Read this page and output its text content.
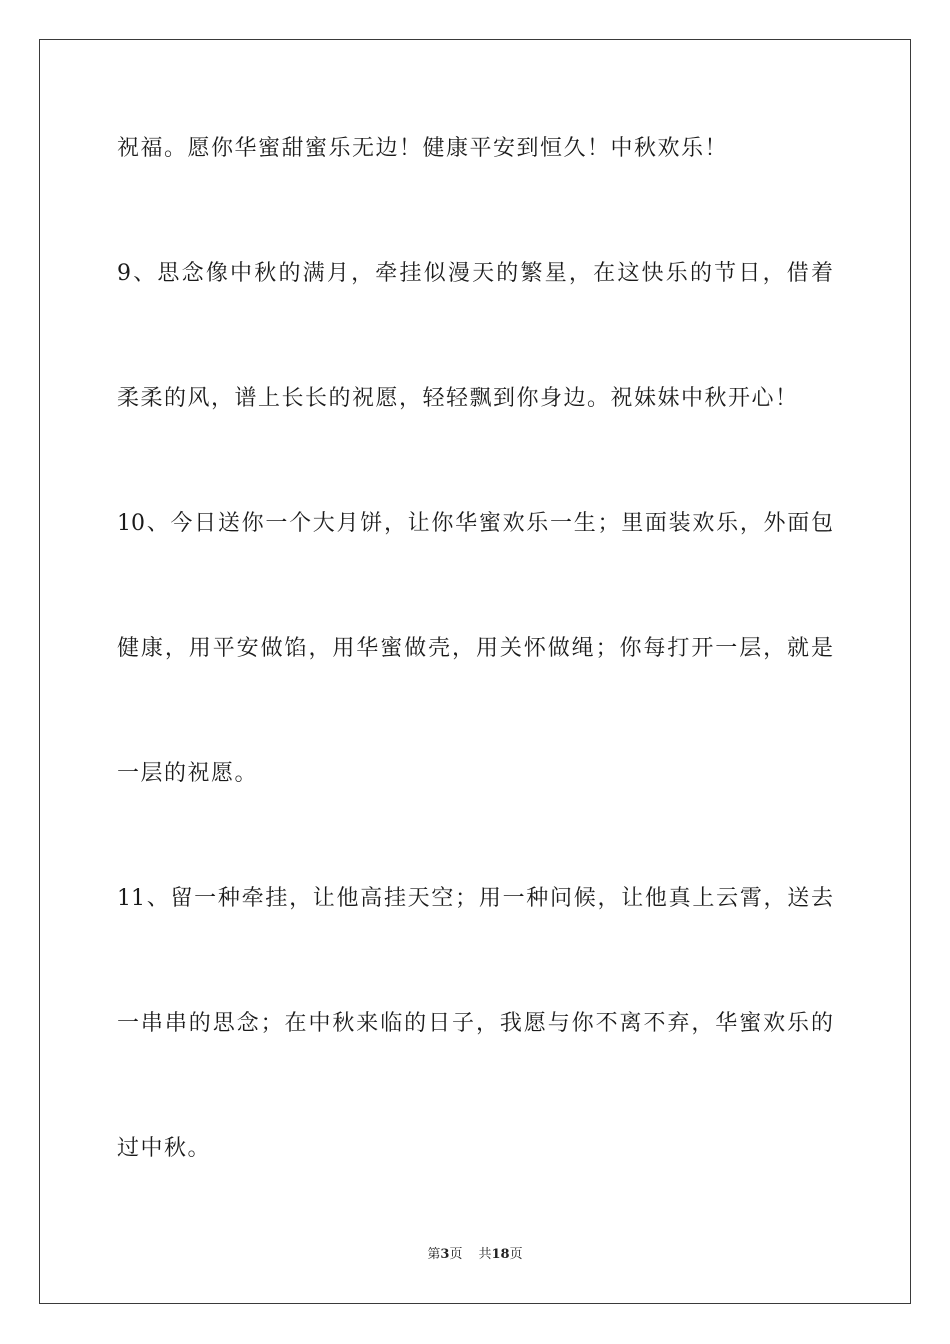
祝福。愿你华蜜甜蜜乐无边！健康平安到恒久！中秋欢乐！
9、思念像中秋的满月，牵挂似漫天的繁星，在这快乐的节日，借着
柔柔的风，谱上长长的祝愿，轻轻飘到你身边。祝妹妹中秋开心！
10、今日送你一个大月饼，让你华蜜欢乐一生；里面装欢乐，外面包
健康，用平安做馅，用华蜜做壳，用关怀做绳；你每打开一层，就是
一层的祝愿。
11、留一种牵挂，让他高挂天空；用一种问候，让他真上云霄，送去
一串串的思念；在中秋来临的日子，我愿与你不离不弃，华蜜欢乐的
过中秋。
第3页 共18页
